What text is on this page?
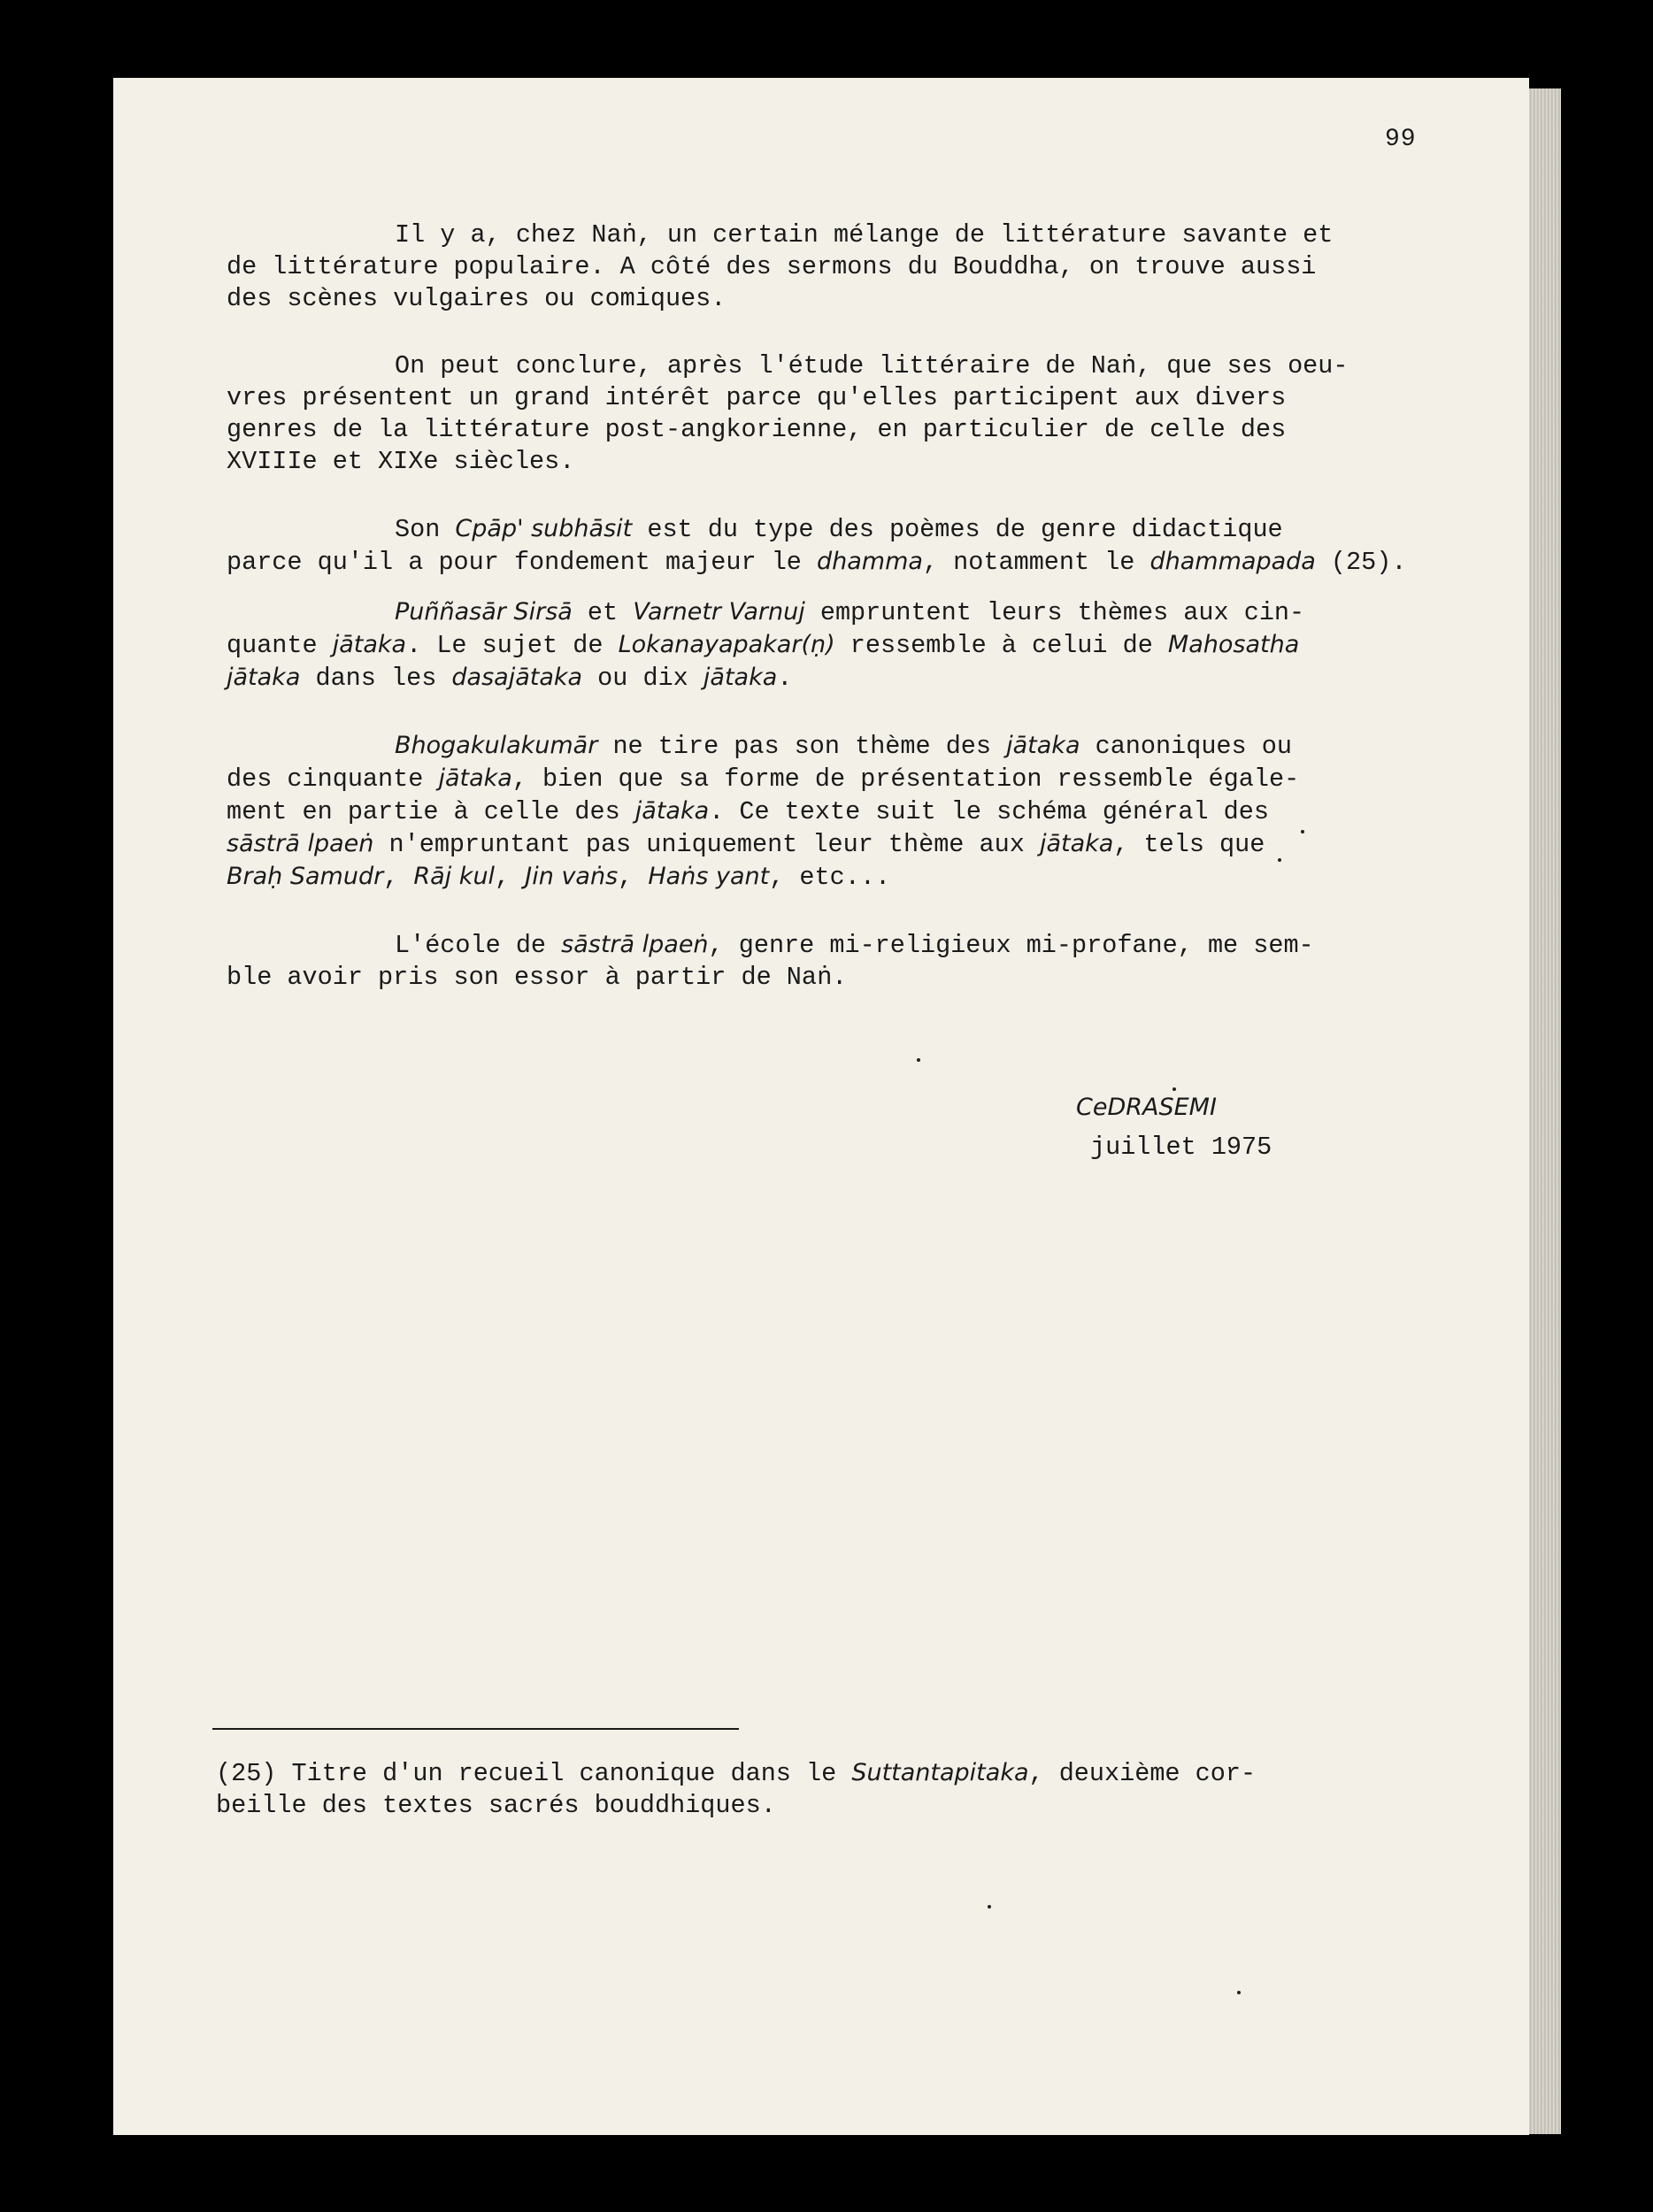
99

Il y a, chez Naṅ, un certain mélange de littérature savante et
de littérature populaire. A côté des sermons du Bouddha, on trouve aussi
des scènes vulgaires ou comiques.

On peut conclure, après l'étude littéraire de Naṅ, que ses oeu-
vres présentent un grand intérêt parce qu'elles participent aux divers
genres de la littérature post-angkorienne, en particulier de celle des
XVIIIe et XIXe siècles.

Son Cpāp' subhāsit est du type des poèmes de genre didactique
parce qu'il a pour fondement majeur le dhamma, notamment le dhammapada (25).

Puññasār Sirsā et Varnetr Varnuj empruntent leurs thèmes aux cin-
quante jātaka. Le sujet de Lokanayapakar(ṇ) ressemble à celui de Mahosatha
jātaka dans les dasajātaka ou dix jātaka.

Bhogakulakumār ne tire pas son thème des jātaka canoniques ou
des cinquante jātaka, bien que sa forme de présentation ressemble égale-
ment en partie à celle des jātaka. Ce texte suit le schéma général des
sāstrā lpaeṅ n'empruntant pas uniquement leur thème aux jātaka, tels que
Braḥ Samudr, Rāj kul, Jin vaṅs, Haṅs yant, etc...

L'école de sāstrā lpaeṅ, genre mi-religieux mi-profane, me sem-
ble avoir pris son essor à partir de Naṅ.

CeDRASEMI
juillet 1975
(25) Titre d'un recueil canonique dans le Suttantapitaka, deuxième cor-
beille des textes sacrés bouddhiques.
